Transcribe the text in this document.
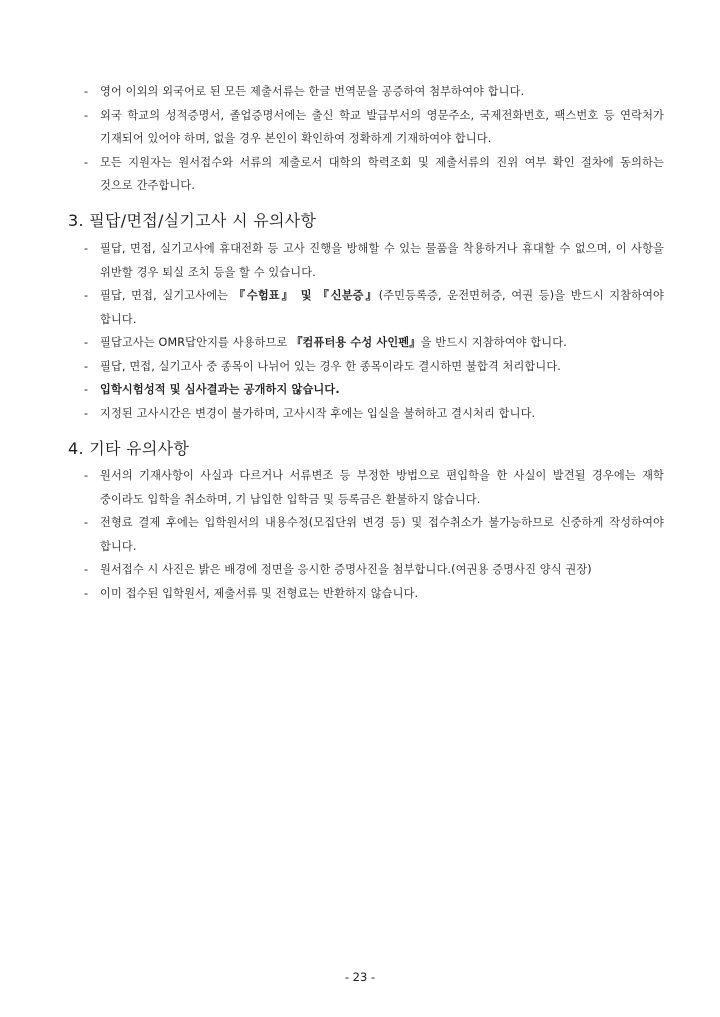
- 영어 이외의 외국어로 된 모든 제출서류는 한글 번역문을 공증하여 첨부하여야 합니다.
- 외국 학교의 성적증명서, 졸업증명서에는 출신 학교 발급부서의 영문주소, 국제전화번호, 팩스번호 등 연락처가 기재되어 있어야 하며, 없을 경우 본인이 확인하여 정확하게 기재하여야 합니다.
- 모든 지원자는 원서접수와 서류의 제출로서 대학의 학력조회 및 제출서류의 진위 여부 확인 절차에 동의하는 것으로 간주합니다.
3. 필답/면접/실기고사 시 유의사항
- 필답, 면접, 실기고사에 휴대전화 등 고사 진행을 방해할 수 있는 물품을 착용하거나 휴대할 수 없으며, 이 사항을 위반할 경우 퇴실 조치 등을 할 수 있습니다.
- 필답, 면접, 실기고사에는 『수험표』 및 『신분증』(주민등록증, 운전면허증, 여권 등)을 반드시 지참하여야 합니다.
- 필답고사는 OMR답안지를 사용하므로 『컴퓨터용 수성 사인펜』을 반드시 지참하여야 합니다.
- 필답, 면접, 실기고사 중 종목이 나뉘어 있는 경우 한 종목이라도 결시하면 불합격 처리합니다.
- 입학시험성적 및 심사결과는 공개하지 않습니다.
- 지정된 고사시간은 변경이 불가하며, 고사시작 후에는 입실을 불허하고 결시처리 합니다.
4. 기타 유의사항
- 원서의 기재사항이 사실과 다르거나 서류변조 등 부정한 방법으로 편입학을 한 사실이 발견될 경우에는 재학 중이라도 입학을 취소하며, 기 납입한 입학금 및 등록금은 환불하지 않습니다.
- 전형료 결제 후에는 입학원서의 내용수정(모집단위 변경 등) 및 접수취소가 불가능하므로 신중하게 작성하여야 합니다.
- 원서접수 시 사진은 밝은 배경에 정면을 응시한 증명사진을 첨부합니다.(여권용 증명사진 양식 권장)
- 이미 접수된 입학원서, 제출서류 및 전형료는 반환하지 않습니다.
- 23 -
